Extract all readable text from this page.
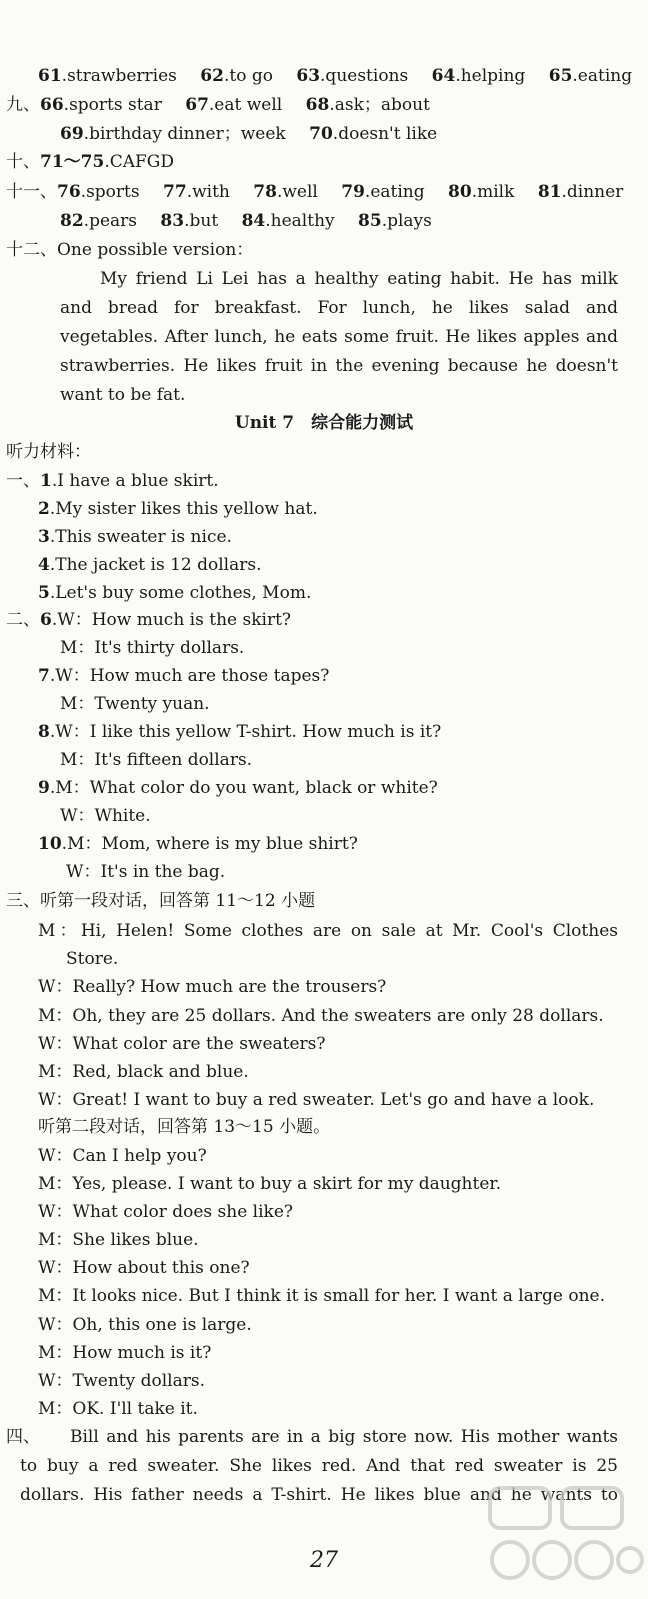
61.strawberries 62.to go 63.questions 64.helping 65.eating
九、66.sports star 67.eat well 68.ask；about
69.birthday dinner；week 70.doesn't like
十、71～75.CAFGD
十一、76.sports 77.with 78.well 79.eating 80.milk 81.dinner
82.pears 83.but 84.healthy 85.plays
十二、One possible version：
My friend Li Lei has a healthy eating habit. He has milk
and bread for breakfast. For lunch, he likes salad and
vegetables. After lunch, he eats some fruit. He likes apples and
strawberries. He likes fruit in the evening because he doesn't
want to be fat.
Unit 7　综合能力测试
听力材料：
一、1.I have a blue skirt.
2.My sister likes this yellow hat.
3.This sweater is nice.
4.The jacket is 12 dollars.
5.Let's buy some clothes, Mom.
二、6.W：How much is the skirt?
M：It's thirty dollars.
7.W：How much are those tapes?
M：Twenty yuan.
8.W：I like this yellow T-shirt. How much is it?
M：It's fifteen dollars.
9.M：What color do you want, black or white?
W：White.
10.M：Mom, where is my blue shirt?
W：It's in the bag.
三、听第一段对话，回答第 11～12 小题
M：Hi, Helen! Some clothes are on sale at Mr. Cool's Clothes
Store.
W：Really? How much are the trousers?
M：Oh, they are 25 dollars. And the sweaters are only 28 dollars.
W：What color are the sweaters?
M：Red, black and blue.
W：Great! I want to buy a red sweater. Let's go and have a look.
听第二段对话，回答第 13～15 小题。
W：Can I help you?
M：Yes, please. I want to buy a skirt for my daughter.
W：What color does she like?
M：She likes blue.
W：How about this one?
M：It looks nice. But I think it is small for her. I want a large one.
W：Oh, this one is large.
M：How much is it?
W：Twenty dollars.
M：OK. I'll take it.
四、 Bill and his parents are in a big store now. His mother wants
to buy a red sweater. She likes red. And that red sweater is 25
dollars. His father needs a T-shirt. He likes blue and he wants to
27
